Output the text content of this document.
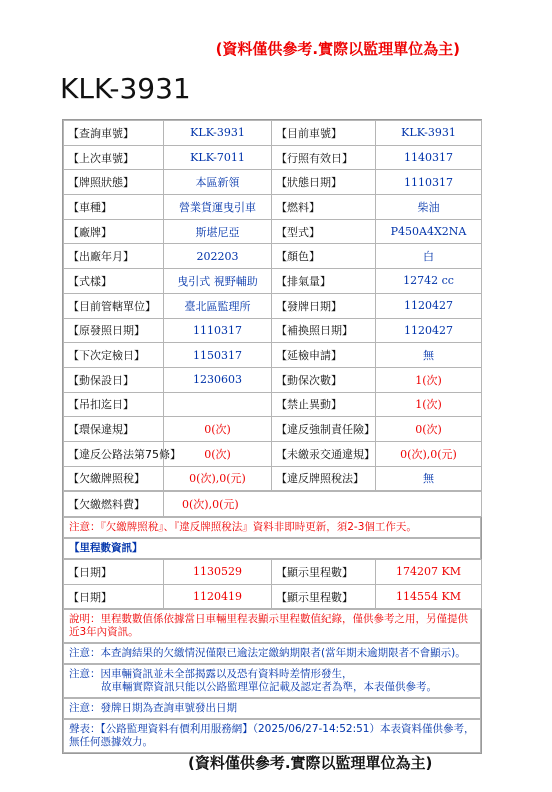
(資料僅供參考.實際以監理單位為主)
KLK-3931
【查詢車號】	KLK-3931	【目前車號】	KLK-3931
【上次車號】	KLK-7011	【行照有效日】	1140317
【牌照狀態】	本區新領	【狀態日期】	1110317
【車種】	營業貨運曳引車	【燃料】	柴油
【廠牌】	斯堪尼亞	【型式】	P450A4X2NA
【出廠年月】	202203	【顏色】	白
【式樣】	曳引式 視野輔助	【排氣量】	12742 cc
【目前管轄單位】	臺北區監理所	【發牌日期】	1120427
【原發照日期】	1110317	【補換照日期】	1120427
【下次定檢日】	1150317	【延檢申請】	無
【動保設日】	1230603	【動保次數】	1(次)
【吊扣迄日】		【禁止異動】	1(次)
【環保違規】	0(次)	【違反強制責任險】	0(次)
【違反公路法第75條】	0(次)	【未繳汞交通違規】	0(次),0(元)
【欠繳牌照稅】	0(次),0(元)	【違反牌照稅法】	無
【欠繳燃料費】	0(次),0(元)
注意：『欠繳牌照稅』、『違反牌照稅法』資料非即時更新，須2-3個工作天。
【里程數資訊】
【日期】	1130529	【顯示里程數】	174207 KM
【日期】	1120419	【顯示里程數】	114554 KM
說明：里程數數值係依據當日車輛里程表顯示里程數值紀錄，僅供參考之用，另僅提供近3年內資訊。
注意：本查詢結果的欠繳情況僅限已逾法定繳納期限者(當年期未逾期限者不會顯示)。
注意：因車輛資訊並未全部揭露以及恐有資料時差情形發生，
故車輛實際資訊只能以公路監理單位記載及認定者為準，本表僅供參考。
注意：發牌日期為查詢車號發出日期
聲表：【公路監理資料有價利用服務網】（2025/06/27-14:52:51）本表資料僅供參考，無任何憑據效力。
(資料僅供參考.實際以監理單位為主)
